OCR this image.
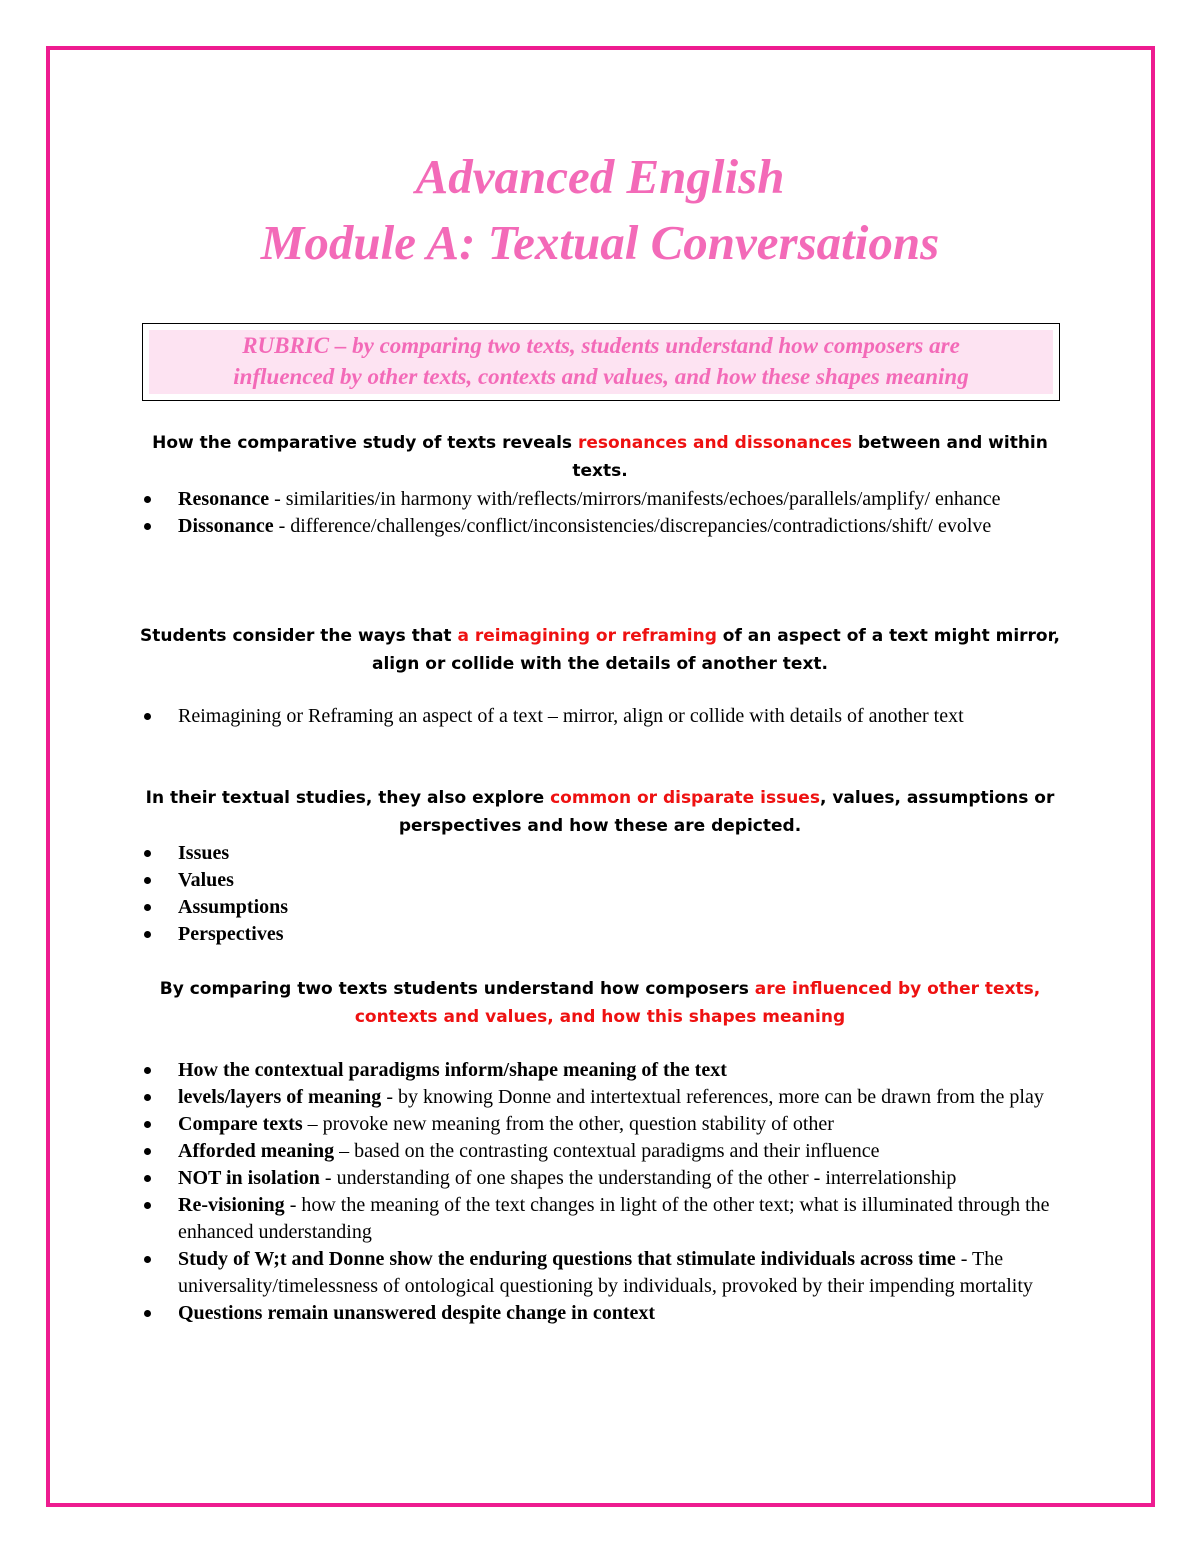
Advanced English
Module A: Textual Conversations
RUBRIC – by comparing two texts, students understand how composers are
influenced by other texts, contexts and values, and how these shapes meaning
How the comparative study of texts reveals resonances and dissonances between and within texts.
Resonance - similarities/in harmony with/reflects/mirrors/manifests/echoes/parallels/amplify/ enhance
Dissonance - difference/challenges/conflict/inconsistencies/discrepancies/contradictions/shift/ evolve
Students consider the ways that a reimagining or reframing of an aspect of a text might mirror, align or collide with the details of another text.
Reimagining or Reframing an aspect of a text – mirror, align or collide with details of another text
In their textual studies, they also explore common or disparate issues, values, assumptions or perspectives and how these are depicted.
Issues
Values
Assumptions
Perspectives
By comparing two texts students understand how composers are influenced by other texts, contexts and values, and how this shapes meaning
How the contextual paradigms inform/shape meaning of the text
levels/layers of meaning - by knowing Donne and intertextual references, more can be drawn from the play
Compare texts – provoke new meaning from the other, question stability of other
Afforded meaning – based on the contrasting contextual paradigms and their influence
NOT in isolation - understanding of one shapes the understanding of the other - interrelationship
Re-visioning - how the meaning of the text changes in light of the other text; what is illuminated through the enhanced understanding
Study of W;t and Donne show the enduring questions that stimulate individuals across time - The universality/timelessness of ontological questioning by individuals, provoked by their impending mortality
Questions remain unanswered despite change in context
